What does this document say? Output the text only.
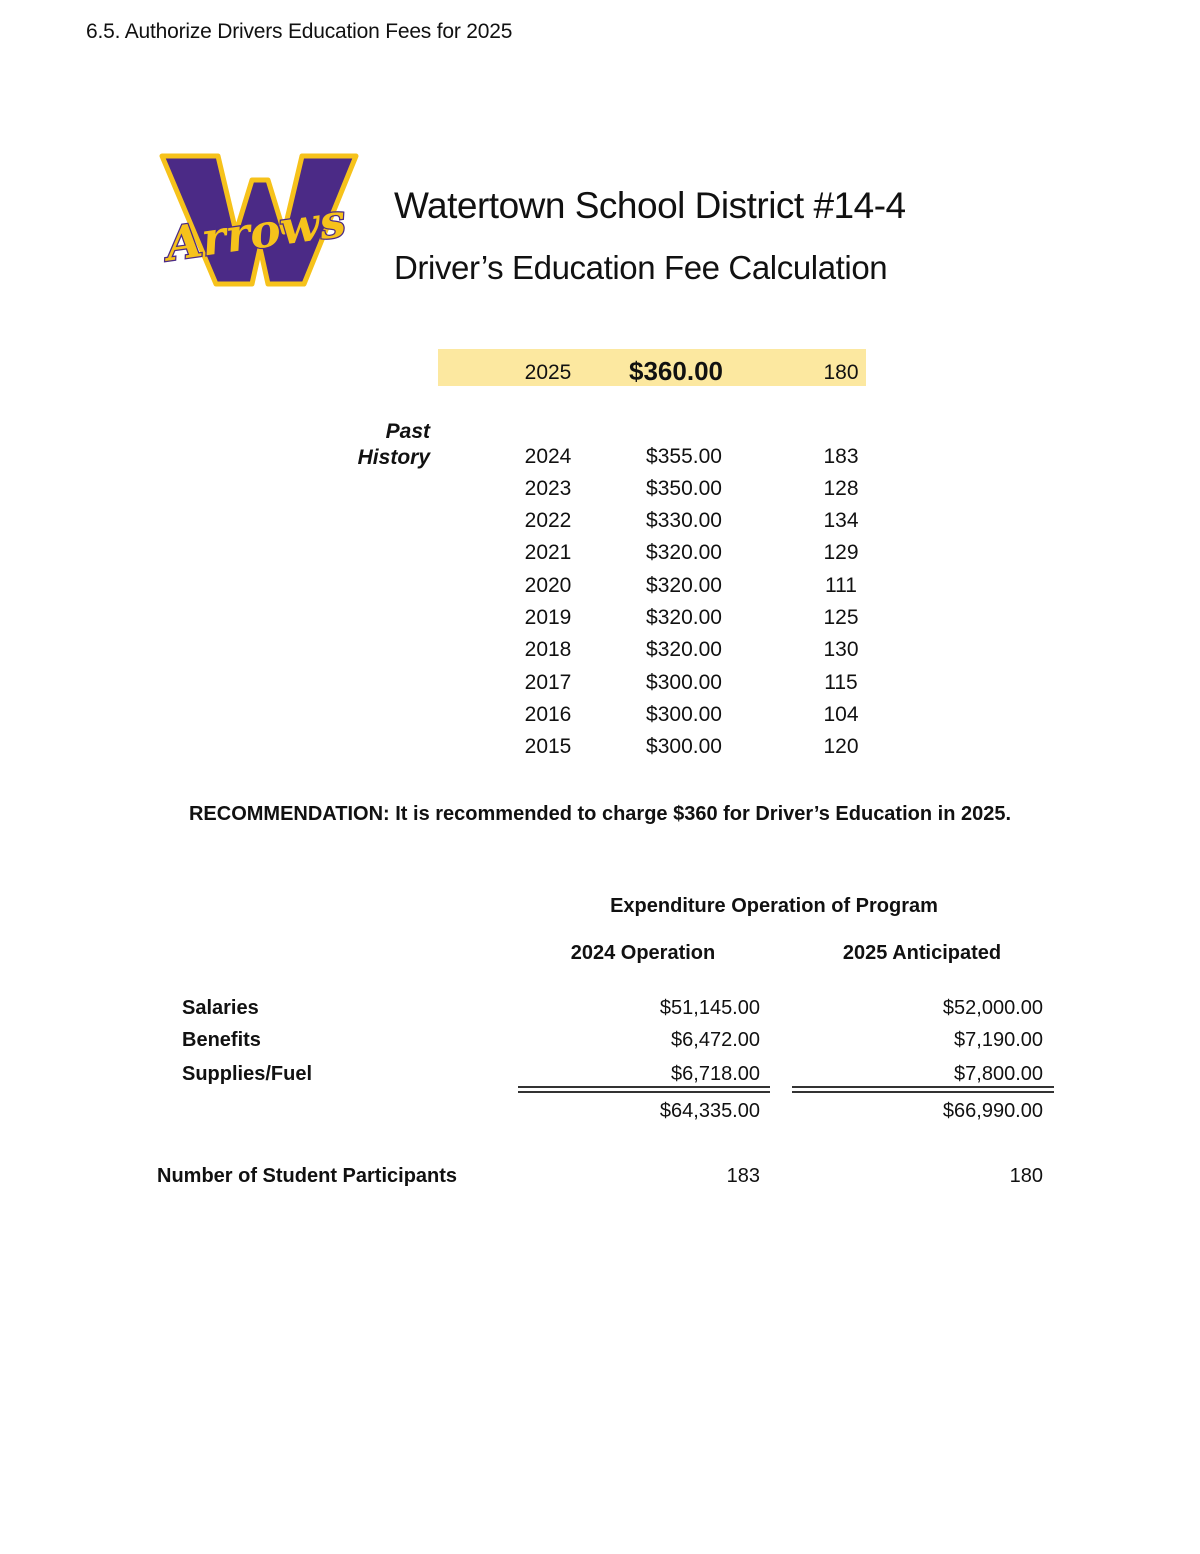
6.5. Authorize Drivers Education Fees for 2025
Arrows Watertown School District #14-4
Driver’s Education Fee Calculation
2025	$360.00	180
Past
History	2024	$355.00	183
2023	$350.00	128
2022	$330.00	134
2021	$320.00	129
2020	$320.00	111
2019	$320.00	125
2018	$320.00	130
2017	$300.00	115
2016	$300.00	104
2015	$300.00	120
RECOMMENDATION: It is recommended to charge $360 for Driver’s Education in 2025.
Expenditure Operation of Program
2024 Operation	2025 Anticipated
Salaries	$51,145.00	$52,000.00
Benefits	$6,472.00	$7,190.00
Supplies/Fuel	$6,718.00	$7,800.00
$64,335.00	$66,990.00
Number of Student Participants	183	180
